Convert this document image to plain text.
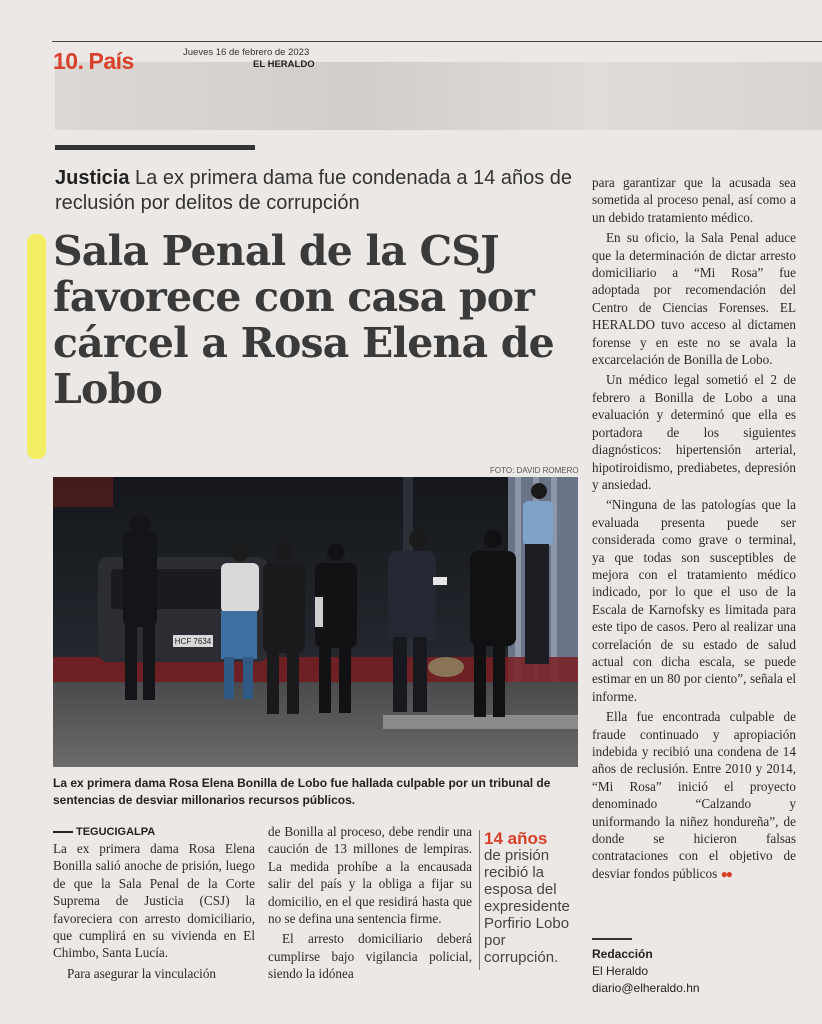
10. País	Jueves 16 de febrero de 2023
EL HERALDO
Justicia La ex primera dama fue condenada a 14 años de reclusión por delitos de corrupción
Sala Penal de la CSJ favorece con casa por cárcel a Rosa Elena de Lobo
FOTO: DAVID ROMERO
HCF 7634

La ex primera dama Rosa Elena Bonilla de Lobo fue hallada culpable por un tribunal de sentencias de desviar millonarios recursos públicos.

TEGUCIGALPA

La ex primera dama Rosa Elena Bonilla salió anoche de prisión, luego de que la Sala Penal de la Corte Suprema de Justicia (CSJ) la favoreciera con arresto domiciliario, que cumplirá en su vivienda en El Chimbo, Santa Lucía.

Para asegurar la vinculación

de Bonilla al proceso, debe rendir una caución de 13 millones de lempiras. La medida prohíbe a la encausada salir del país y la obliga a fijar su domicilio, en el que residirá hasta que no se defina una sentencia firme.

El arresto domiciliario deberá cumplirse bajo vigilancia policial, siendo la idónea

14 años
de prisión recibió la esposa del expresidente Porfirio Lobo por corrupción.

para garantizar que la acusada sea sometida al proceso penal, así como a un debido tratamiento médico.

En su oficio, la Sala Penal aduce que la determinación de dictar arresto domiciliario a “Mi Rosa” fue adoptada por recomendación del Centro de Ciencias Forenses. EL HERALDO tuvo acceso al dictamen forense y en este no se avala la excarcelación de Bonilla de Lobo.

Un médico legal sometió el 2 de febrero a Bonilla de Lobo a una evaluación y determinó que ella es portadora de los siguientes diagnósticos: hipertensión arterial, hipotiroidismo, prediabetes, depresión y ansiedad.

“Ninguna de las patologías que la evaluada presenta puede ser considerada como grave o terminal, ya que todas son susceptibles de mejora con el tratamiento médico indicado, por lo que el uso de la Escala de Karnofsky es limitada para este tipo de casos. Pero al realizar una correlación de su estado de salud actual con dicha escala, se puede estimar en un 80 por ciento”, señala el informe.

Ella fue encontrada culpable de fraude continuado y apropiación indebida y recibió una condena de 14 años de reclusión. Entre 2010 y 2014, “Mi Rosa” inició el proyecto denominado “Calzando y uniformando la niñez hondureña”, de donde se hicieron falsas contrataciones con el objetivo de desviar fondos públicos ●●

Redacción
El Heraldo
diario@elheraldo.hn
